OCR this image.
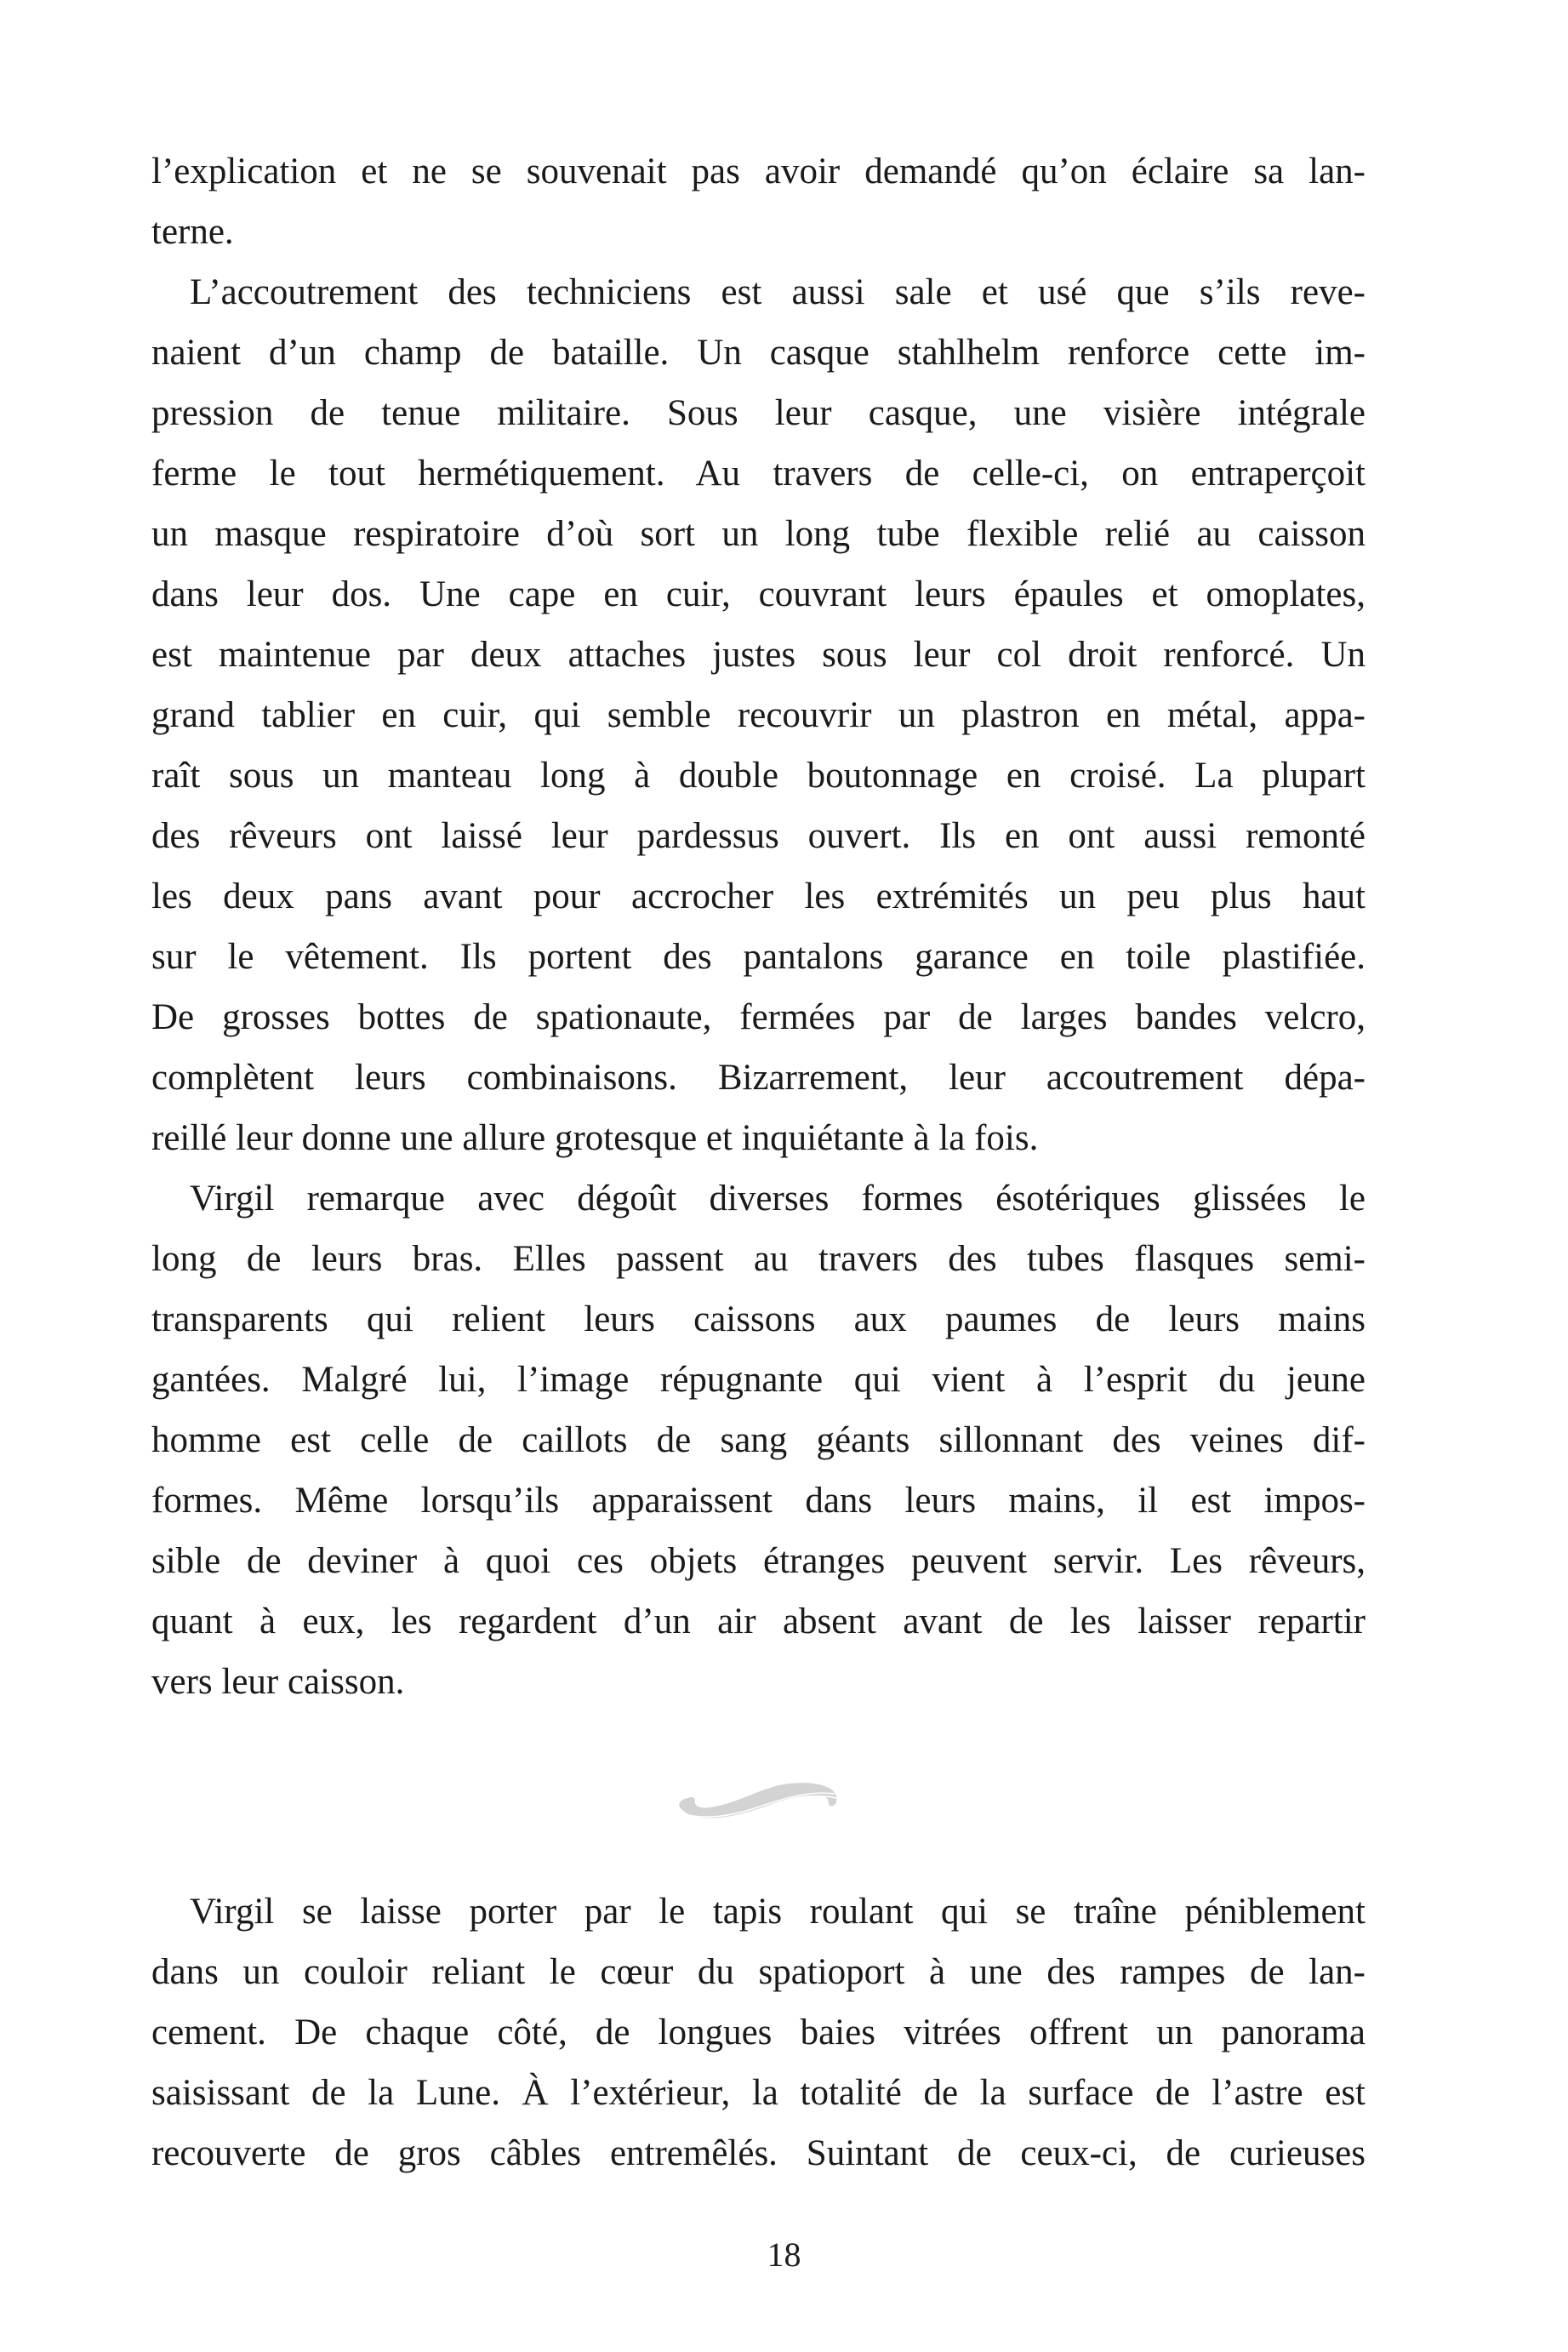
l’explication et ne se souvenait pas avoir demandé qu’on éclaire sa lan-
terne.
L’accoutrement des techniciens est aussi sale et usé que s’ils reve-
naient d’un champ de bataille. Un casque stahlhelm renforce cette im-
pression de tenue militaire. Sous leur casque, une visière intégrale
ferme le tout hermétiquement. Au travers de celle-ci, on entraperçoit
un masque respiratoire d’où sort un long tube flexible relié au caisson
dans leur dos. Une cape en cuir, couvrant leurs épaules et omoplates,
est maintenue par deux attaches justes sous leur col droit renforcé. Un
grand tablier en cuir, qui semble recouvrir un plastron en métal, appa-
raît sous un manteau long à double boutonnage en croisé. La plupart
des rêveurs ont laissé leur pardessus ouvert. Ils en ont aussi remonté
les deux pans avant pour accrocher les extrémités un peu plus haut
sur le vêtement. Ils portent des pantalons garance en toile plastifiée.
De grosses bottes de spationaute, fermées par de larges bandes velcro,
complètent leurs combinaisons. Bizarrement, leur accoutrement dépa-
reillé leur donne une allure grotesque et inquiétante à la fois.
Virgil remarque avec dégoût diverses formes ésotériques glissées le
long de leurs bras. Elles passent au travers des tubes flasques semi-
transparents qui relient leurs caissons aux paumes de leurs mains
gantées. Malgré lui, l’image répugnante qui vient à l’esprit du jeune
homme est celle de caillots de sang géants sillonnant des veines dif-
formes. Même lorsqu’ils apparaissent dans leurs mains, il est impos-
sible de deviner à quoi ces objets étranges peuvent servir. Les rêveurs,
quant à eux, les regardent d’un air absent avant de les laisser repartir
vers leur caisson.
Virgil se laisse porter par le tapis roulant qui se traîne péniblement
dans un couloir reliant le cœur du spatioport à une des rampes de lan-
cement. De chaque côté, de longues baies vitrées offrent un panorama
saisissant de la Lune. À l’extérieur, la totalité de la surface de l’astre est
recouverte de gros câbles entremêlés. Suintant de ceux-ci, de curieuses
18
